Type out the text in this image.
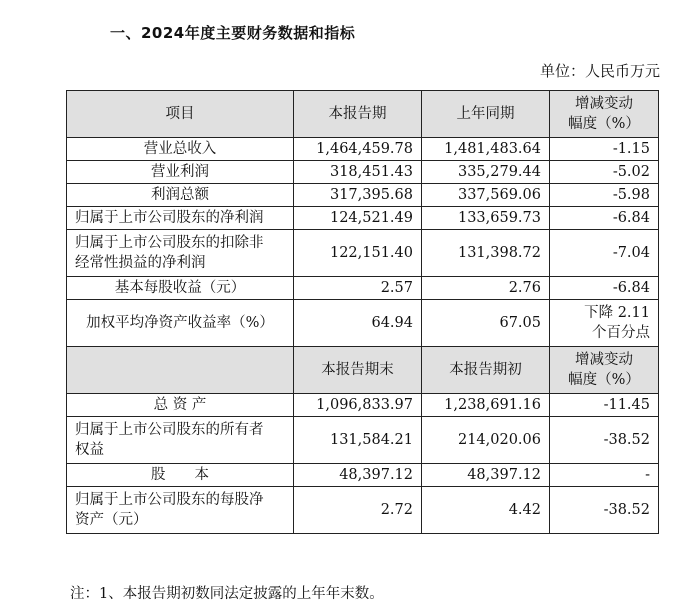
一、2024年度主要财务数据和指标
单位：人民币万元
项目	本报告期	上年同期	增减变动
幅度（%）
营业总收入	1,464,459.78	1,481,483.64	-1.15
营业利润	318,451.43	335,279.44	-5.02
利润总额	317,395.68	337,569.06	-5.98
归属于上市公司股东的净利润	124,521.49	133,659.73	-6.84
归属于上市公司股东的扣除非
经常性损益的净利润	122,151.40	131,398.72	-7.04
基本每股收益（元）	2.57	2.76	-6.84
加权平均净资产收益率（%）	64.94	67.05	下降 2.11
个百分点
	本报告期末	本报告期初	增减变动
幅度（%）
总 资 产	1,096,833.97	1,238,691.16	-11.45
归属于上市公司股东的所有者
权益	131,584.21	214,020.06	-38.52
股　　本	48,397.12	48,397.12	-
归属于上市公司股东的每股净
资产（元）	2.72	4.42	-38.52
注：1、本报告期初数同法定披露的上年年末数。
